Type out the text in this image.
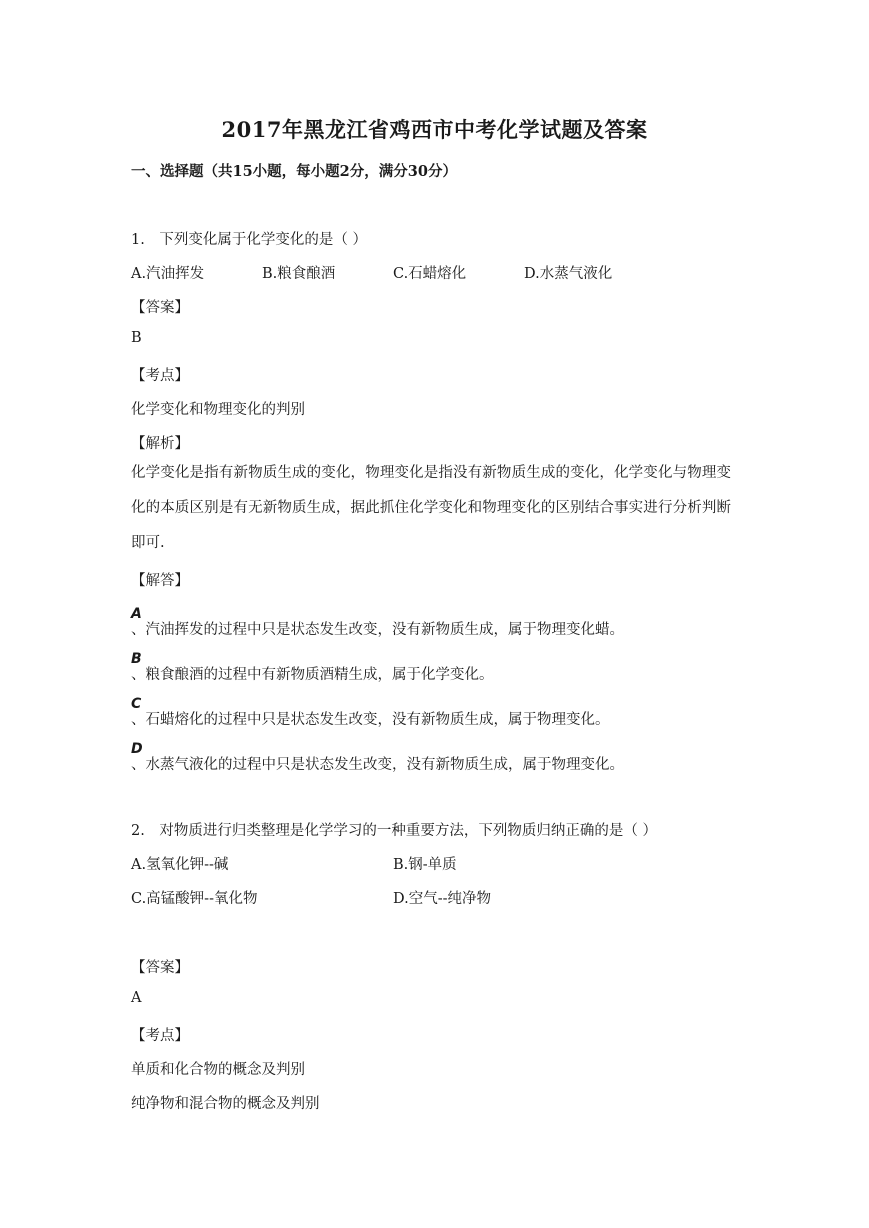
2017年黑龙江省鸡西市中考化学试题及答案
一、选择题（共15小题，每小题2分，满分30分）
1.　下列变化属于化学变化的是（ ）
A.汽油挥发	B.粮食酿酒	C.石蜡熔化	D.水蒸气液化
【答案】
B
【考点】
化学变化和物理变化的判别
【解析】
化学变化是指有新物质生成的变化，物理变化是指没有新物质生成的变化，化学变化与物理变化的本质区别是有无新物质生成，据此抓住化学变化和物理变化的区别结合事实进行分析判断即可.
【解答】
A
、汽油挥发的过程中只是状态发生改变，没有新物质生成，属于物理变化蜡。
B
、粮食酿酒的过程中有新物质酒精生成，属于化学变化。
C
、石蜡熔化的过程中只是状态发生改变，没有新物质生成，属于物理变化。
D
、水蒸气液化的过程中只是状态发生改变，没有新物质生成，属于物理变化。
2.　对物质进行归类整理是化学学习的一种重要方法，下列物质归纳正确的是（ ）
A.氢氧化钾--碱	B.钢-单质
C.高锰酸钾--氧化物	D.空气--纯净物
【答案】
A
【考点】
单质和化合物的概念及判别
纯净物和混合物的概念及判别
